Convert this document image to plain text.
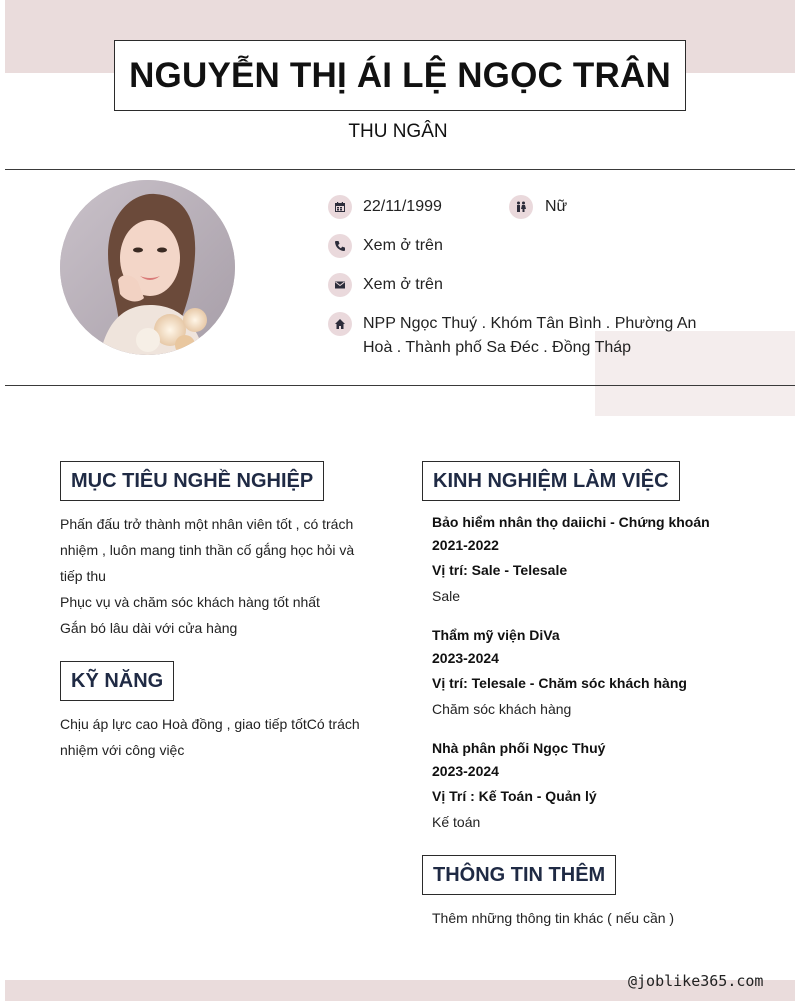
NGUYỄN THỊ ÁI LỆ NGỌC TRÂN
THU NGÂN
22/11/1999	Nữ
Xem ở trên
Xem ở trên
NPP Ngọc Thuý . Khóm Tân Bình . Phường An
Hoà . Thành phố Sa Đéc . Đồng Tháp
MỤC TIÊU NGHỀ NGHIỆP
Phấn đấu trở thành một nhân viên tốt , có trách
nhiệm , luôn mang tinh thần cố gắng học hỏi và
tiếp thu
Phục vụ và chăm sóc khách hàng tốt nhất
Gắn bó lâu dài với cửa hàng
KỸ NĂNG
Chịu áp lực cao Hoà đồng , giao tiếp tốtCó trách
nhiệm với công việc
KINH NGHIỆM LÀM VIỆC
Bảo hiểm nhân thọ daiichi - Chứng khoán
2021-2022
Vị trí: Sale - Telesale
Sale
Thẩm mỹ viện DiVa
2023-2024
Vị trí: Telesale - Chăm sóc khách hàng
Chăm sóc khách hàng
Nhà phân phối Ngọc Thuý
2023-2024
Vị Trí : Kế Toán - Quản lý
Kế toán
THÔNG TIN THÊM
Thêm những thông tin khác ( nếu cần )
@joblike365.com
